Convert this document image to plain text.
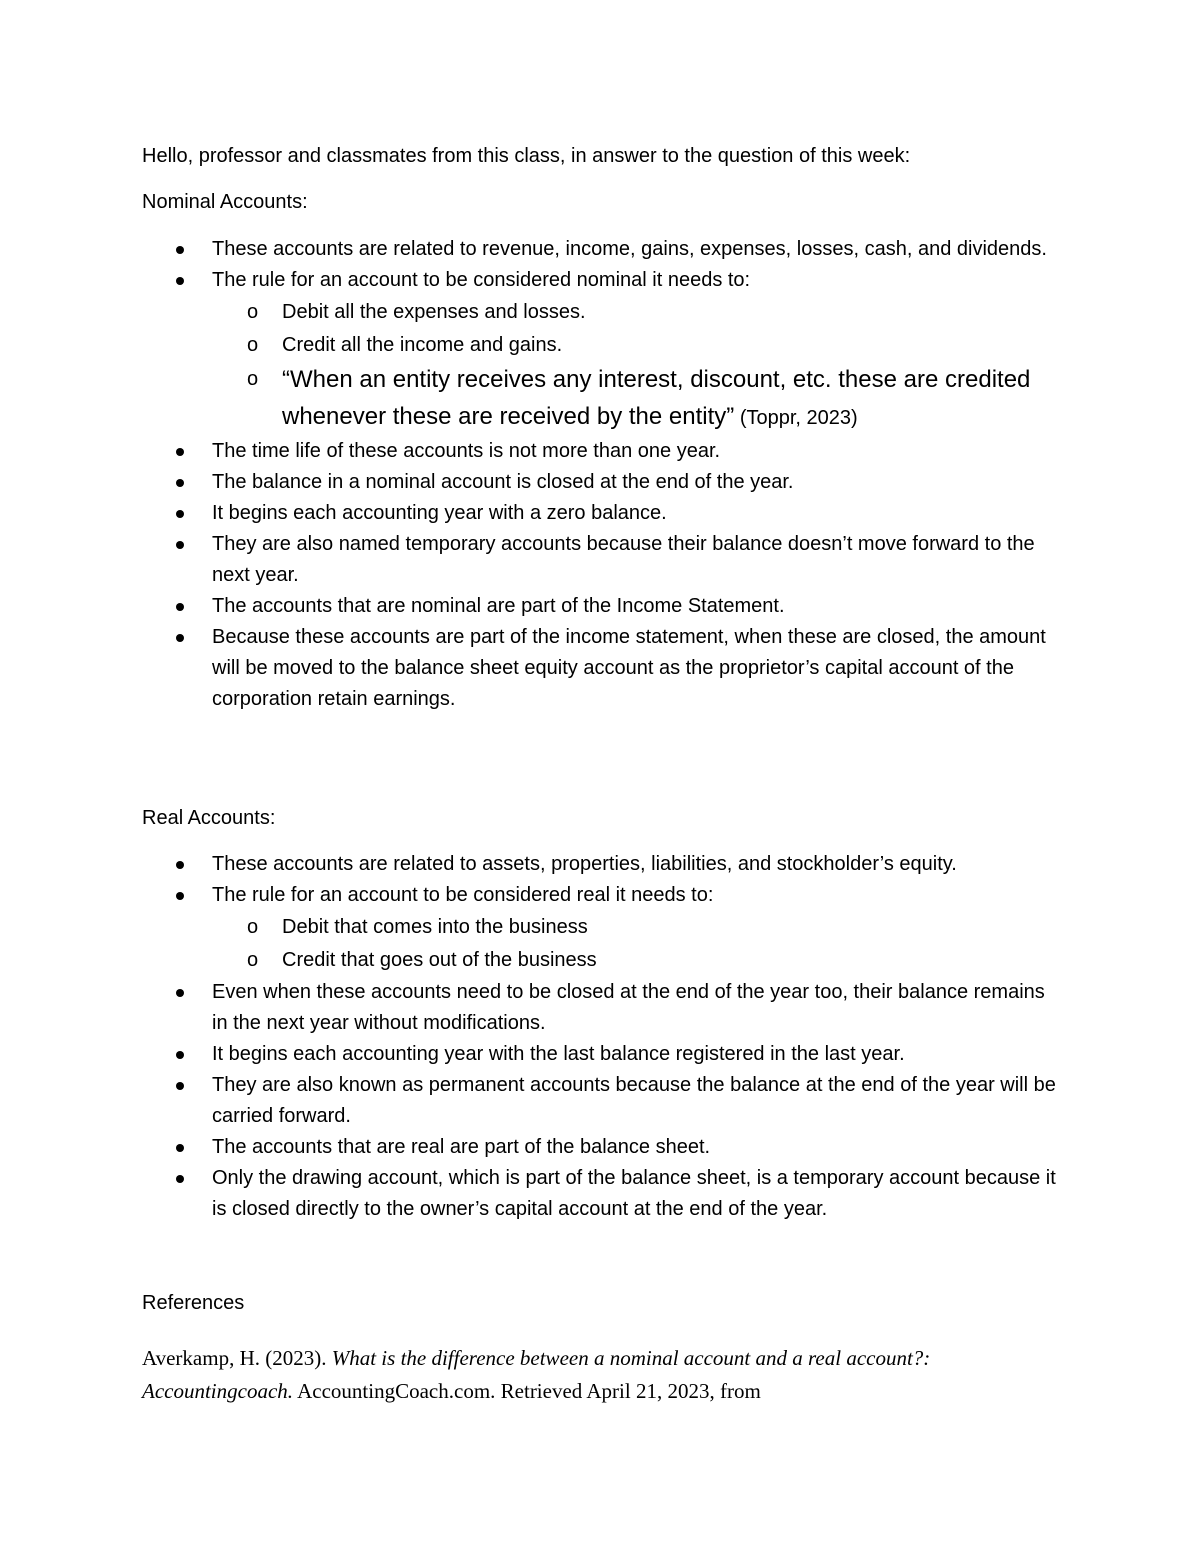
Hello, professor and classmates from this class, in answer to the question of this week:

Nominal Accounts:

These accounts are related to revenue, income, gains, expenses, losses, cash, and dividends.
The rule for an account to be considered nominal it needs to:
o Debit all the expenses and losses.
o Credit all the income and gains.
o “When an entity receives any interest, discount, etc. these are credited whenever these are received by the entity” (Toppr, 2023)
The time life of these accounts is not more than one year.
The balance in a nominal account is closed at the end of the year.
It begins each accounting year with a zero balance.
They are also named temporary accounts because their balance doesn’t move forward to the next year.
The accounts that are nominal are part of the Income Statement.
Because these accounts are part of the income statement, when these are closed, the amount will be moved to the balance sheet equity account as the proprietor’s capital account of the corporation retain earnings.

Real Accounts:

These accounts are related to assets, properties, liabilities, and stockholder’s equity.
The rule for an account to be considered real it needs to:
o Debit that comes into the business
o Credit that goes out of the business
Even when these accounts need to be closed at the end of the year too, their balance remains in the next year without modifications.
It begins each accounting year with the last balance registered in the last year.
They are also known as permanent accounts because the balance at the end of the year will be carried forward.
The accounts that are real are part of the balance sheet.
Only the drawing account, which is part of the balance sheet, is a temporary account because it is closed directly to the owner’s capital account at the end of the year.

References

Averkamp, H. (2023). What is the difference between a nominal account and a real account?: Accountingcoach. AccountingCoach.com. Retrieved April 21, 2023, from
